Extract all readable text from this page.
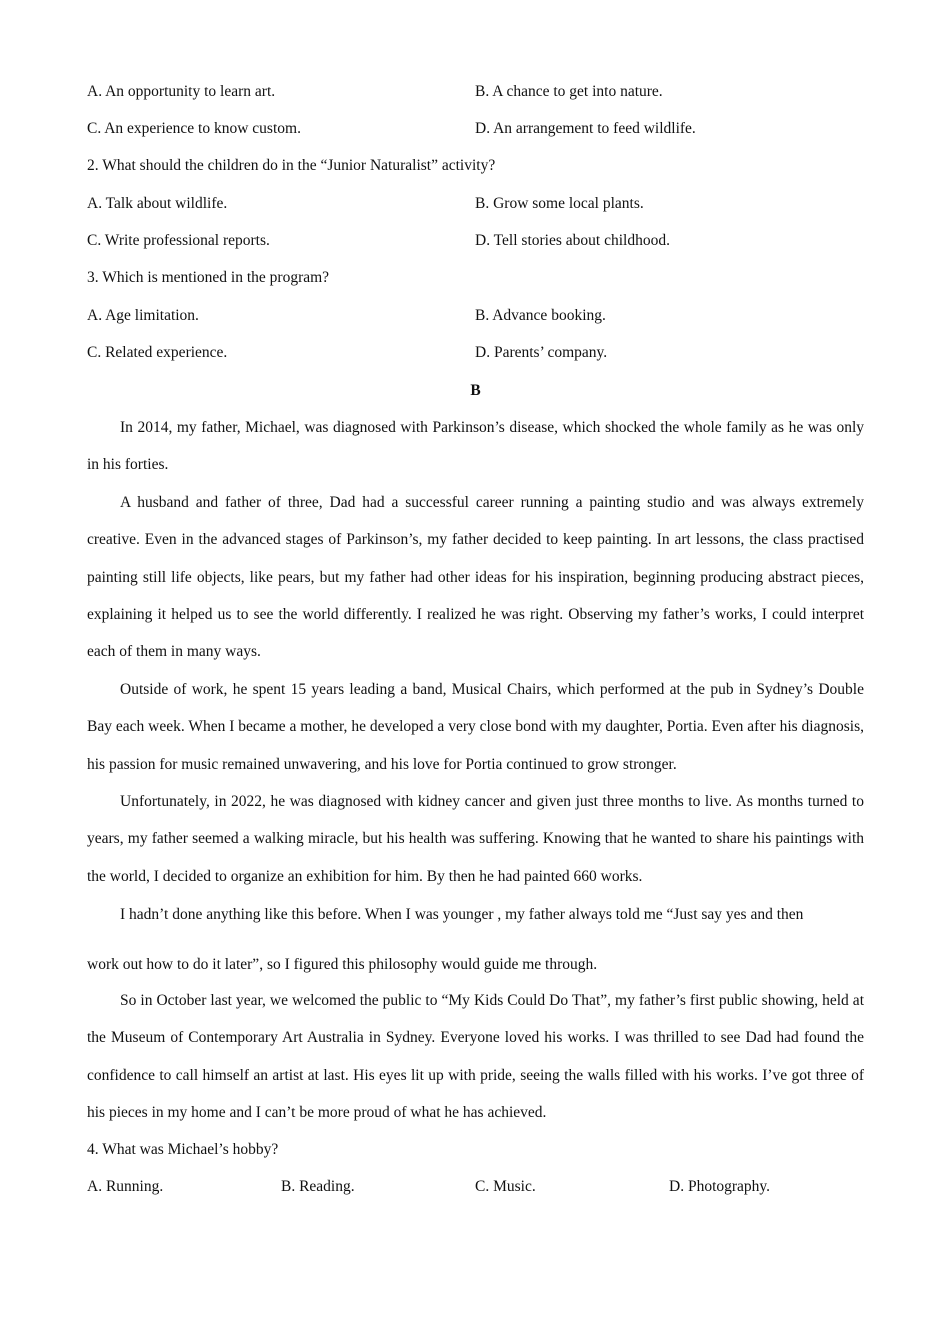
A. An opportunity to learn art.	B. A chance to get into nature.
C. An experience to know custom.	D. An arrangement to feed wildlife.
2. What should the children do in the “Junior Naturalist” activity?
A. Talk about wildlife.	B. Grow some local plants.
C. Write professional reports.	D. Tell stories about childhood.
3. Which is mentioned in the program?
A. Age limitation.	B. Advance booking.
C. Related experience.	D. Parents’ company.
B

In 2014, my father, Michael, was diagnosed with Parkinson’s disease, which shocked the whole family as he was only in his forties.

A husband and father of three, Dad had a successful career running a painting studio and was always extremely creative. Even in the advanced stages of Parkinson’s, my father decided to keep painting. In art lessons, the class practised painting still life objects, like pears, but my father had other ideas for his inspiration, beginning producing abstract pieces, explaining it helped us to see the world differently. I realized he was right. Observing my father’s works, I could interpret each of them in many ways.

Outside of work, he spent 15 years leading a band, Musical Chairs, which performed at the pub in Sydney’s Double Bay each week. When I became a mother, he developed a very close bond with my daughter, Portia. Even after his diagnosis, his passion for music remained unwavering, and his love for Portia continued to grow stronger.

Unfortunately, in 2022, he was diagnosed with kidney cancer and given just three months to live. As months turned to years, my father seemed a walking miracle, but his health was suffering. Knowing that he wanted to share his paintings with the world, I decided to organize an exhibition for him. By then he had painted 660 works.

I hadn’t done anything like this before. When I was younger , my father always told me “Just say yes and then
work out how to do it later”, so I figured this philosophy would guide me through.

So in October last year, we welcomed the public to “My Kids Could Do That”, my father’s first public showing, held at the Museum of Contemporary Art Australia in Sydney. Everyone loved his works. I was thrilled to see Dad had found the confidence to call himself an artist at last. His eyes lit up with pride, seeing the walls filled with his works. I’ve got three of his pieces in my home and I can’t be more proud of what he has achieved.

4. What was Michael’s hobby?
A. Running.	B. Reading.	C. Music.	D. Photography.
